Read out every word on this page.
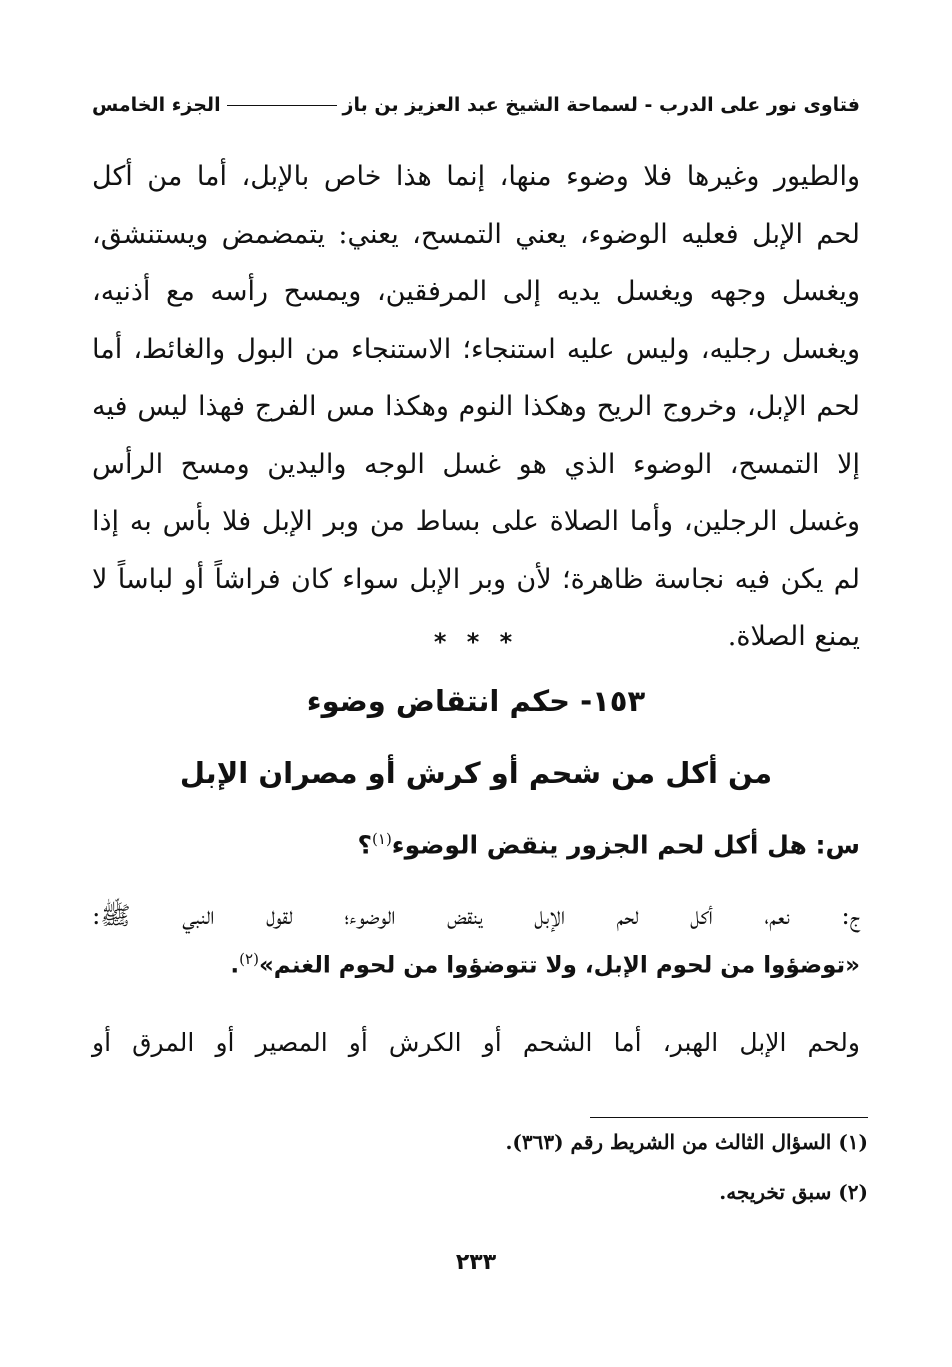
فتاوى نور على الدرب - لسماحة الشيخ عبد العزيز بن باز
الجزء الخامس
والطيور وغيرها فلا وضوء منها، إنما هذا خاص بالإبل، أما من أكل
لحم الإبل فعليه الوضوء، يعني التمسح، يعني: يتمضمض ويستنشق،
ويغسل وجهه ويغسل يديه إلى المرفقين، ويمسح رأسه مع أذنيه،
ويغسل رجليه، وليس عليه استنجاء؛ الاستنجاء من البول والغائط، أما
لحم الإبل، وخروج الريح وهكذا النوم وهكذا مس الفرج فهذا ليس فيه
إلا التمسح، الوضوء الذي هو غسل الوجه واليدين ومسح الرأس
وغسل الرجلين، وأما الصلاة على بساط من وبر الإبل فلا بأس به إذا
لم يكن فيه نجاسة ظاهرة؛ لأن وبر الإبل سواء كان فراشاً أو لباساً لا
يمنع الصلاة.
* * *
١٥٣- حكم انتقاض وضوء
من أكل من شحم أو كرش أو مصران الإبل
س: هل أكل لحم الجزور ينقض الوضوء$^{(١)}$؟
ج: نعم، أكل لحم الإبل ينقض الوضوء؛ لقول النبي ﷺ:
«توضؤوا من لحوم الإبل، ولا تتوضؤوا من لحوم الغنم»$^{(٢)}$.
ولحم الإبل الهبر، أما الشحم أو الكرش أو المصير أو المرق أو
(١) السؤال الثالث من الشريط رقم (٣٦٣).
(٢) سبق تخريجه.
٢٣٣
